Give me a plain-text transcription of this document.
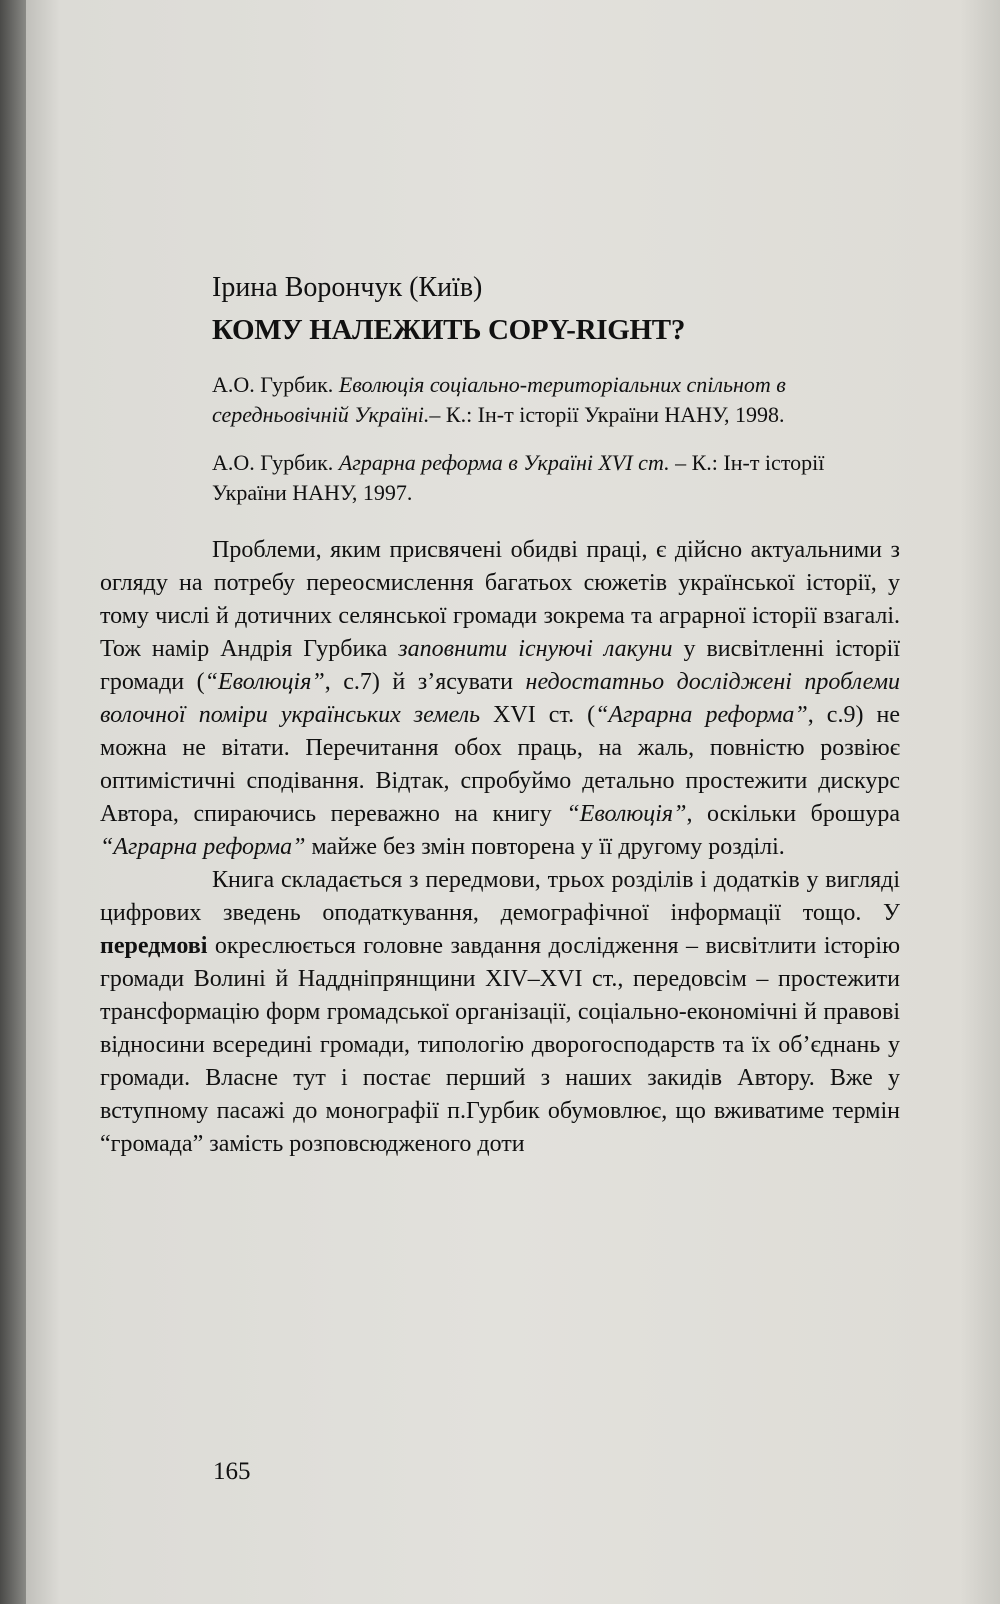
Ірина Ворончук (Київ)
КОМУ НАЛЕЖИТЬ COPY-RIGHT?
А.О. Гурбик. Еволюція соціально-територіальних спільнот в середньовічній Україні.– К.: Ін-т історії України НАНУ, 1998.
А.О. Гурбик. Аграрна реформа в Україні XVI ст. – К.: Ін-т історії України НАНУ, 1997.

Проблеми, яким присвячені обидві праці, є дійсно актуальними з огляду на потребу переосмислення багатьох сюжетів української історії, у тому числі й дотичних селянської громади зокрема та аграрної історії взагалі. Тож намір Андрія Гурбика заповнити існуючі лакуни у висвітленні історії громади (“Еволюція”, с.7) й з’ясувати недостатньо досліджені проблеми волочної поміри українських земель XVI ст. (“Аграрна реформа”, с.9) не можна не вітати. Перечитання обох праць, на жаль, повністю розвіює оптимістичні сподівання. Відтак, спробуймо детально простежити дискурс Автора, спираючись переважно на книгу “Еволюція”, оскільки брошура “Аграрна реформа” майже без змін повторена у її другому розділі.

Книга складається з передмови, трьох розділів і додатків у вигляді цифрових зведень оподаткування, демографічної інформації тощо. У передмові окреслюється головне завдання дослідження – висвітлити історію громади Волині й Наддніпрянщини XIV–XVI ст., передовсім – простежити трансформацію форм громадської організації, соціально-економічні й правові відносини всередині громади, типологію дворогосподарств та їх об’єднань у громади. Власне тут і постає перший з наших закидів Автору. Вже у вступному пасажі до монографії п.Гурбик обумовлює, що вживатиме термін “громада” замість розповсюдженого доти

165
